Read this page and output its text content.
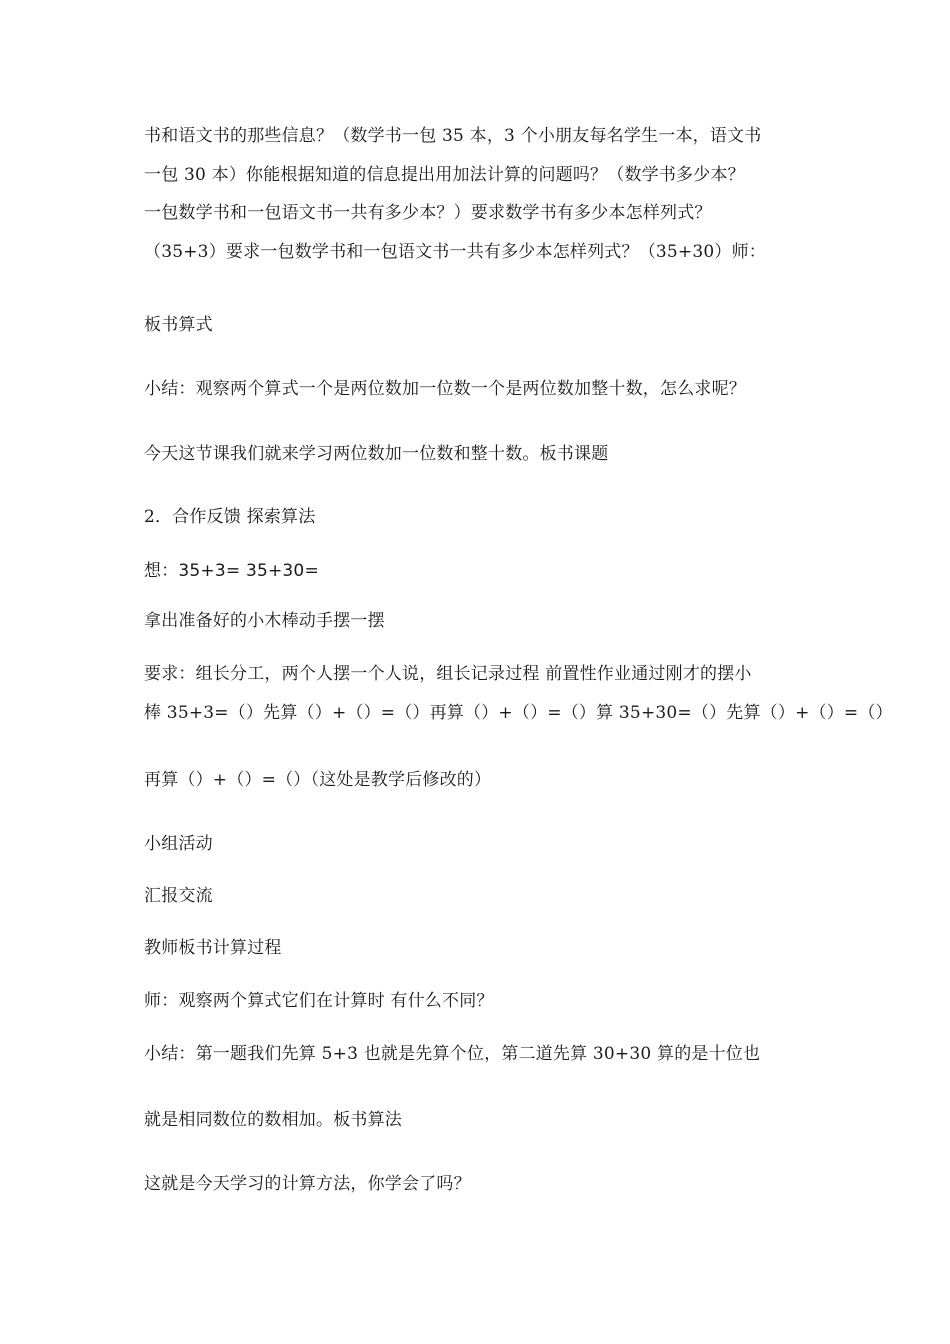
书和语文书的那些信息？（数学书一包 35 本，3 个小朋友每名学生一本，语文书
一包 30 本）你能根据知道的信息提出用加法计算的问题吗？（数学书多少本？
一包数学书和一包语文书一共有多少本？）要求数学书有多少本怎样列式？
（35+3）要求一包数学书和一包语文书一共有多少本怎样列式？（35+30）师：
板书算式
小结：观察两个算式一个是两位数加一位数一个是两位数加整十数，怎么求呢？
今天这节课我们就来学习两位数加一位数和整十数。板书课题
2．合作反馈 探索算法
想：35+3= 35+30=
拿出准备好的小木棒动手摆一摆
要求：组长分工，两个人摆一个人说，组长记录过程 前置性作业通过刚才的摆小
棒 35+3=（）先算（）+（）=（）再算（）+（）=（）算 35+30=（）先算（）+（）=（）
再算（）+（）=（）（这处是教学后修改的）
小组活动
汇报交流
教师板书计算过程
师：观察两个算式它们在计算时 有什么不同？
小结：第一题我们先算 5+3 也就是先算个位，第二道先算 30+30 算的是十位也
就是相同数位的数相加。板书算法
这就是今天学习的计算方法，你学会了吗？
